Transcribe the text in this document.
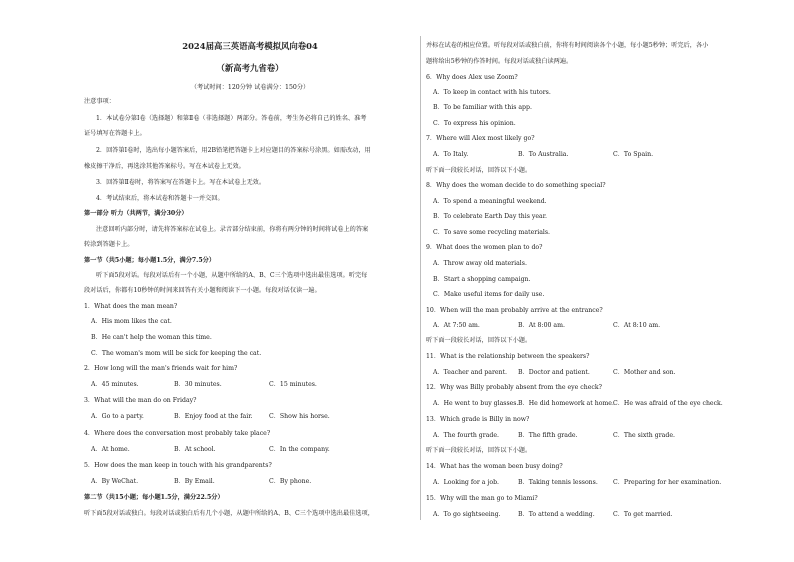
2024届高三英语高考模拟风向卷04
（新高考九省卷）
（考试时间：120分钟 试卷满分：150分）
注意事项：
1．本试卷分第Ⅰ卷（选择题）和第Ⅱ卷（非选择题）两部分。答卷前，考生务必将自己的姓名、准考
证号填写在答题卡上。
2．回答第Ⅰ卷时，选出每小题答案后，用2B铅笔把答题卡上对应题目的答案标号涂黑。如需改动，用
橡皮擦干净后，再选涂其他答案标号。写在本试卷上无效。
3．回答第Ⅱ卷时，将答案写在答题卡上。写在本试卷上无效。
4．考试结束后，将本试卷和答题卡一并交回。
第一部分 听力（共两节，满分30分）
注意回听内部分时，请先将答案标在试卷上。录音部分结束前，你将有两分钟的时间将试卷上的答案
转涂到答题卡上。
第一节（共5小题；每小题1.5分，满分7.5分）
听下面5段对话。每段对话后有一个小题，从题中所给的A、B、C三个选项中选出最佳选项。听完每
段对话后，你都有10秒钟的时间来回答有关小题和阅读下一小题。每段对话仅读一遍。
1．What does the man mean?
A．His mom likes the cat.
B．He can't help the woman this time.
C．The woman's mom will be sick for keeping the cat.
2．How long will the man's friends wait for him?
A．45 minutes.	B．30 minutes.	C．15 minutes.
3．What will the man do on Friday?
A．Go to a party.	B．Enjoy food at the fair.	C．Show his horse.
4．Where does the conversation most probably take place?
A．At home.	B．At school.	C．In the company.
5．How does the man keep in touch with his grandparents?
A．By WeChat.	B．By Email.	C．By phone.
第二节（共15小题；每小题1.5分，满分22.5分）
听下面5段对话或独白。每段对话或独白后有几个小题，从题中所给的A、B、C三个选项中选出最佳选项，
并标在试卷的相应位置。听每段对话或独白前，你将有时间阅读各个小题，每小题5秒钟；听完后，各小
题将给出5秒钟的作答时间。每段对话或独白读两遍。
6．Why does Alex use Zoom?
A．To keep in contact with his tutors.
B．To be familiar with this app.
C．To express his opinion.
7．Where will Alex most likely go?
A．To Italy.	B．To Australia.	C．To Spain.
听下面一段较长对话，回答以下小题。
8．Why does the woman decide to do something special?
A．To spend a meaningful weekend.
B．To celebrate Earth Day this year.
C．To save some recycling materials.
9．What does the women plan to do?
A．Throw away old materials.
B．Start a shopping campaign.
C．Make useful items for daily use.
10．When will the man probably arrive at the entrance?
A．At 7:50 am.	B．At 8:00 am.	C．At 8:10 am.
听下面一段较长对话，回答以下小题。
11．What is the relationship between the speakers?
A．Teacher and parent. B．Doctor and patient.	C．Mother and son.
12．Why was Billy probably absent from the eye check?
A．He went to buy glasses. B．He did homework at home. C．He was afraid of the eye check.
13．Which grade is Billy in now?
A．The fourth grade.	B．The fifth grade.	C．The sixth grade.
听下面一段较长对话，回答以下小题。
14．What has the woman been busy doing?
A．Looking for a job.	B．Taking tennis lessons. C．Preparing for her examination.
15．Why will the man go to Miami?
A．To go sightseeing.	B．To attend a wedding.	C．To get married.
